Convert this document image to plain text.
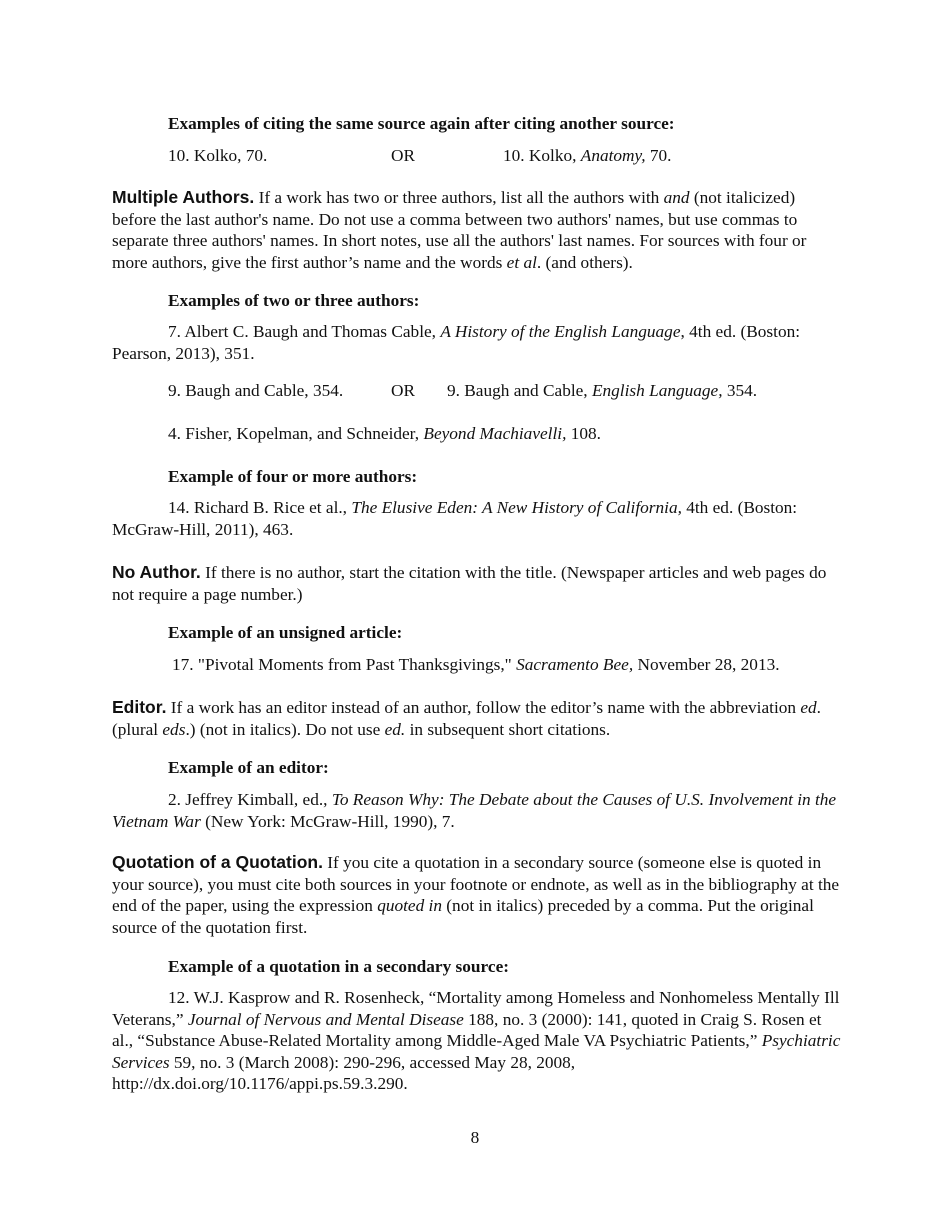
Examples of citing the same source again after citing another source:

10. Kolko, 70.	OR	10. Kolko, Anatomy, 70.

Multiple Authors. If a work has two or three authors, list all the authors with and (not italicized) before the last author's name. Do not use a comma between two authors' names, but use commas to separate three authors' names. In short notes, use all the authors' last names. For sources with four or more authors, give the first author’s name and the words et al. (and others).

Examples of two or three authors:

7. Albert C. Baugh and Thomas Cable, A History of the English Language, 4th ed. (Boston: Pearson, 2013), 351.

9. Baugh and Cable, 354.	OR 9. Baugh and Cable, English Language, 354.
4. Fisher, Kopelman, and Schneider, Beyond Machiavelli, 108.

Example of four or more authors:

14. Richard B. Rice et al., The Elusive Eden: A New History of California, 4th ed. (Boston: McGraw-Hill, 2011), 463.

No Author. If there is no author, start the citation with the title. (Newspaper articles and web pages do not require a page number.)

Example of an unsigned article:

17. "Pivotal Moments from Past Thanksgivings," Sacramento Bee, November 28, 2013.

Editor. If a work has an editor instead of an author, follow the editor’s name with the abbreviation ed. (plural eds.) (not in italics). Do not use ed. in subsequent short citations.

Example of an editor:

2. Jeffrey Kimball, ed., To Reason Why: The Debate about the Causes of U.S. Involvement in the Vietnam War (New York: McGraw-Hill, 1990), 7.

Quotation of a Quotation. If you cite a quotation in a secondary source (someone else is quoted in your source), you must cite both sources in your footnote or endnote, as well as in the bibliography at the end of the paper, using the expression quoted in (not in italics) preceded by a comma. Put the original source of the quotation first.

Example of a quotation in a secondary source:

12. W.J. Kasprow and R. Rosenheck, “Mortality among Homeless and Nonhomeless Mentally Ill Veterans,” Journal of Nervous and Mental Disease 188, no. 3 (2000): 141, quoted in Craig S. Rosen et al., “Substance Abuse-Related Mortality among Middle-Aged Male VA Psychiatric Patients,” Psychiatric Services 59, no. 3 (March 2008): 290-296, accessed May 28, 2008, http://dx.doi.org/10.1176/appi.ps.59.3.290.

8
